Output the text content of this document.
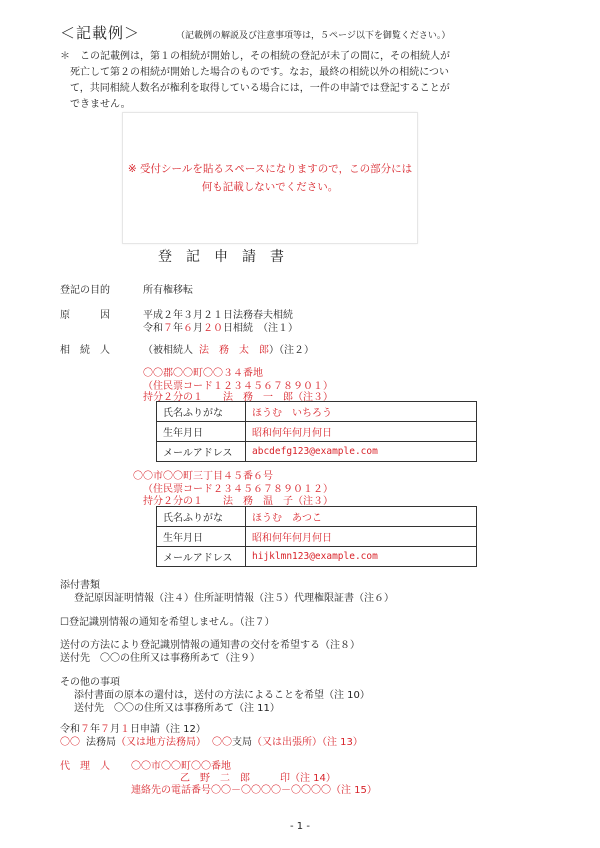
＜記載例＞	（記載例の解説及び注意事項等は，５ページ以下を御覧ください。）

＊　この記載例は，第１の相続が開始し，その相続の登記が未了の間に，その相続人が

死亡して第２の相続が開始した場合のものです。なお，最終の相続以外の相続につい

て，共同相続人数名が権利を取得している場合には，一件の申請では登記することが

できません。

※ 受付シールを貼るスペースになりますので，この部分には
何も記載しないでください。
登記申請書
登記の目的	所有権移転
原　　　因	平成２年３月２１日法務春夫相続
令和７年６月２０日相続　（注１）
相　続　人	（被相続人 法　務　太　郎）（注２）
〇〇郡〇〇町〇〇３４番地
（住民票コード１２３４５６７８９０１）
持分２分の１　　法　務　一　郎（注３）
氏名ふりがな	ほうむ　いちろう
生年月日	昭和何年何月何日
メールアドレス	abcdefg123@example.com
〇〇市〇〇町三丁目４５番６号
（住民票コード２３４５６７８９０１２）
持分２分の１　　法　務　温　子（注３）
氏名ふりがな	ほうむ　あつこ
生年月日	昭和何年何月何日
メールアドレス	hijklmn123@example.com
添付書類
登記原因証明情報（注４）住所証明情報（注５）代理権限証書（注６）
☐登記識別情報の通知を希望しません。（注７）
送付の方法により登記識別情報の通知書の交付を希望する（注８）
送付先　〇〇の住所又は事務所あて（注９）
その他の事項
添付書面の原本の還付は，送付の方法によることを希望（注 10）
送付先　〇〇の住所又は事務所あて（注 11）
令和７年７月１日申請（注 12）
〇〇 法務局（又は地方法務局） 〇〇支局（又は出張所）（注 13）
代　理　人 〇〇市〇〇町〇〇番地
乙　野　二　郎　　　印（注 14）
連絡先の電話番号〇〇－〇〇〇〇－〇〇〇〇（注 15）
- 1 -
